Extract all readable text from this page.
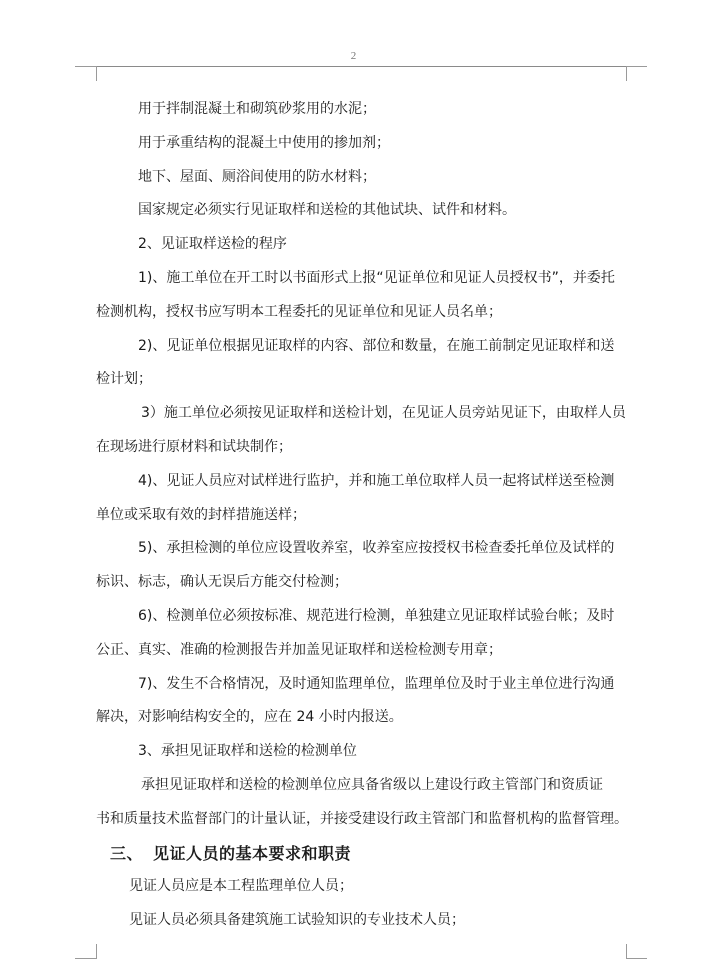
2

用于拌制混凝土和砌筑砂浆用的水泥；

用于承重结构的混凝土中使用的掺加剂；

地下、屋面、厕浴间使用的防水材料；

国家规定必须实行见证取样和送检的其他试块、试件和材料。

2、见证取样送检的程序

1)、施工单位在开工时以书面形式上报“见证单位和见证人员授权书”，并委托

检测机构，授权书应写明本工程委托的见证单位和见证人员名单；

2)、见证单位根据见证取样的内容、部位和数量，在施工前制定见证取样和送

检计划；

3）施工单位必须按见证取样和送检计划，在见证人员旁站见证下，由取样人员

在现场进行原材料和试块制作；

4)、见证人员应对试样进行监护，并和施工单位取样人员一起将试样送至检测

单位或采取有效的封样措施送样；

5)、承担检测的单位应设置收养室，收养室应按授权书检查委托单位及试样的

标识、标志，确认无误后方能交付检测；

6)、检测单位必须按标准、规范进行检测，单独建立见证取样试验台帐；及时

公正、真实、准确的检测报告并加盖见证取样和送检检测专用章；

7)、发生不合格情况，及时通知监理单位，监理单位及时于业主单位进行沟通

解决，对影响结构安全的，应在 24 小时内报送。

3、承担见证取样和送检的检测单位

承担见证取样和送检的检测单位应具备省级以上建设行政主管部门和资质证

书和质量技术监督部门的计量认证，并接受建设行政主管部门和监督机构的监督管理。

三、 见证人员的基本要求和职责

见证人员应是本工程监理单位人员；

见证人员必须具备建筑施工试验知识的专业技术人员；
